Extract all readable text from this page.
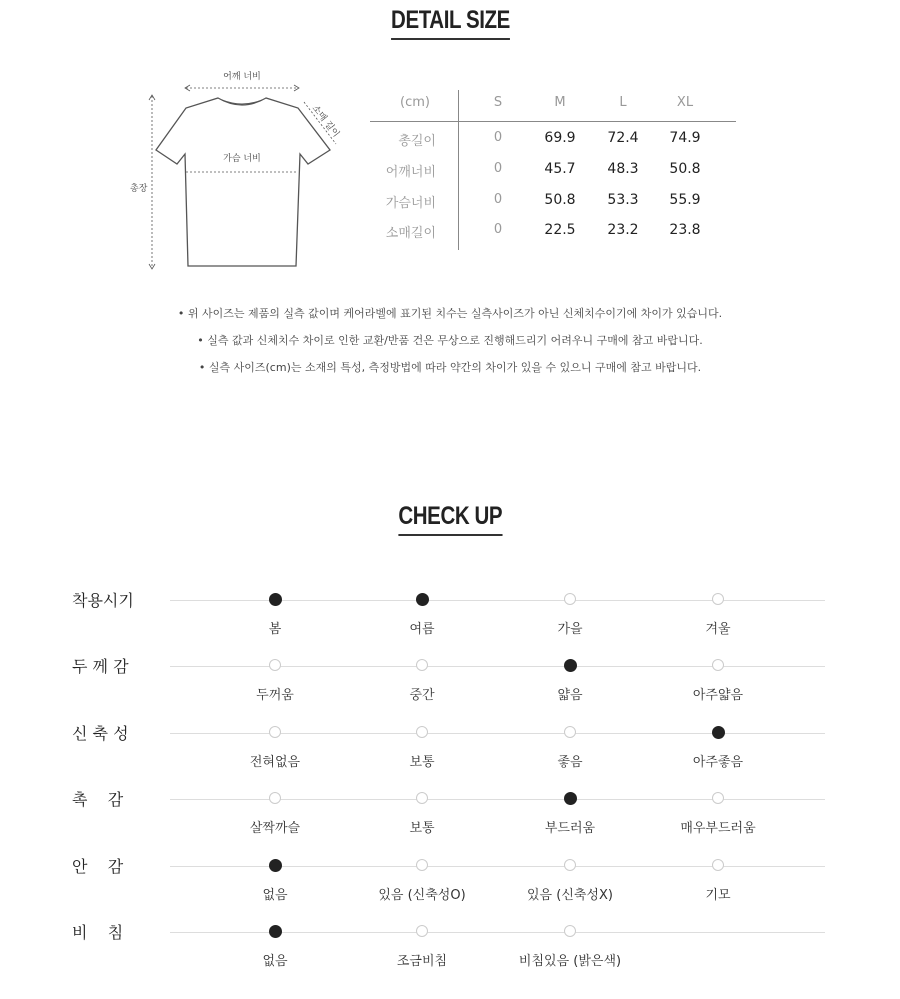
DETAIL SIZE
어깨 너비
소매 길이
가슴 너비
총장
(cm)	S	M	L	XL
총길이	0	69.9	72.4	74.9
어깨너비	0	45.7	48.3	50.8
가슴너비	0	50.8	53.3	55.9
소매길이	0	22.5	23.2	23.8
• 위 사이즈는 제품의 실측 값이며 케어라벨에 표기된 치수는 실측사이즈가 아닌 신체치수이기에 차이가 있습니다.
• 실측 값과 신체치수 차이로 인한 교환/반품 건은 무상으로 진행해드리기 어려우니 구매에 참고 바랍니다.
• 실측 사이즈(cm)는 소재의 특성, 측정방법에 따라 약간의 차이가 있을 수 있으니 구매에 참고 바랍니다.
CHECK UP
착용시기
봄	여름	가을	겨울
두 께 감
두꺼움	중간	얇음	아주얇음
신 축 성
전혀없음	보통	좋음	아주좋음
촉    감
살짝까슬	보통	부드러움	매우부드러움
안    감
없음	있음 (신축성O)	있음 (신축성X)	기모
비    침
없음	조금비침	비침있음 (밝은색)
